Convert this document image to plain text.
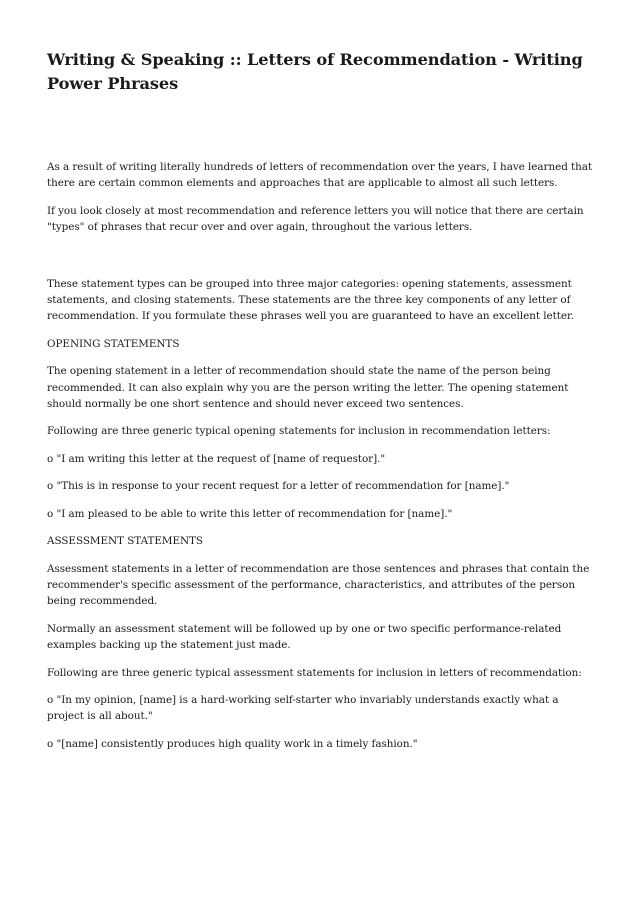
Writing & Speaking :: Letters of Recommendation - Writing Power Phrases

As a result of writing literally hundreds of letters of recommendation over the years, I have learned that there are certain common elements and approaches that are applicable to almost all such letters.

If you look closely at most recommendation and reference letters you will notice that there are certain "types" of phrases that recur over and over again, throughout the various letters.

These statement types can be grouped into three major categories: opening statements, assessment statements, and closing statements. These statements are the three key components of any letter of recommendation. If you formulate these phrases well you are guaranteed to have an excellent letter.

OPENING STATEMENTS

The opening statement in a letter of recommendation should state the name of the person being recommended. It can also explain why you are the person writing the letter. The opening statement should normally be one short sentence and should never exceed two sentences.

Following are three generic typical opening statements for inclusion in recommendation letters:

o "I am writing this letter at the request of [name of requestor]."

o "This is in response to your recent request for a letter of recommendation for [name]."

o "I am pleased to be able to write this letter of recommendation for [name]."

ASSESSMENT STATEMENTS

Assessment statements in a letter of recommendation are those sentences and phrases that contain the recommender's specific assessment of the performance, characteristics, and attributes of the person being recommended.

Normally an assessment statement will be followed up by one or two specific performance-related examples backing up the statement just made.

Following are three generic typical assessment statements for inclusion in letters of recommendation:

o "In my opinion, [name] is a hard-working self-starter who invariably understands exactly what a project is all about."

o "[name] consistently produces high quality work in a timely fashion."
